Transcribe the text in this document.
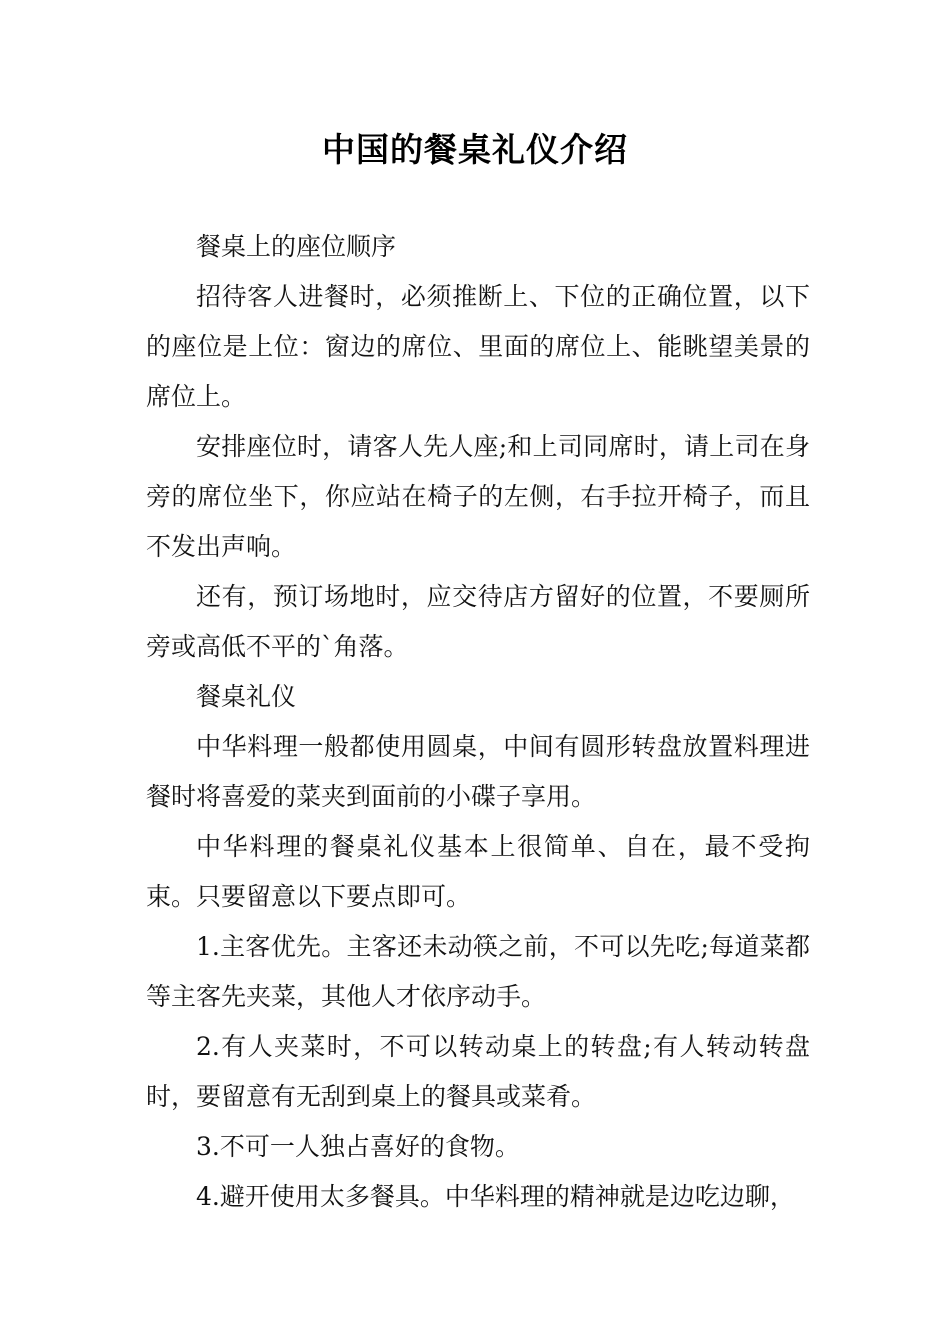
中国的餐桌礼仪介绍

餐桌上的座位顺序

招待客人进餐时，必须推断上、下位的正确位置，以下的座位是上位：窗边的席位、里面的席位上、能眺望美景的席位上。

安排座位时，请客人先人座;和上司同席时，请上司在身旁的席位坐下，你应站在椅子的左侧，右手拉开椅子，而且不发出声响。

还有，预订场地时，应交待店方留好的位置，不要厕所旁或高低不平的`角落。

餐桌礼仪

中华料理一般都使用圆桌，中间有圆形转盘放置料理进餐时将喜爱的菜夹到面前的小碟子享用。

中华料理的餐桌礼仪基本上很简单、自在，最不受拘束。只要留意以下要点即可。

1.主客优先。主客还未动筷之前，不可以先吃;每道菜都等主客先夹菜，其他人才依序动手。

2.有人夹菜时，不可以转动桌上的转盘;有人转动转盘时，要留意有无刮到桌上的餐具或菜肴。

3.不可一人独占喜好的食物。

4.避开使用太多餐具。中华料理的精神就是边吃边聊，
